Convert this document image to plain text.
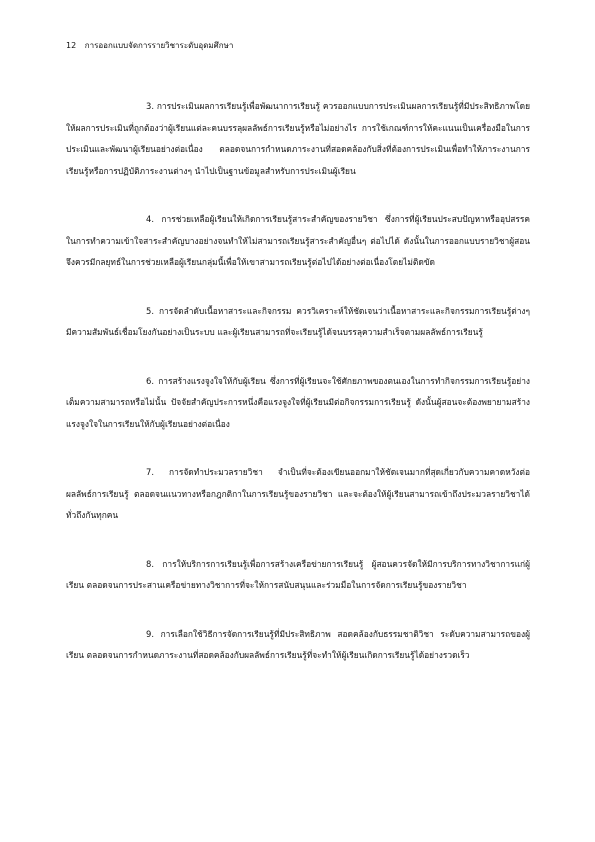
12 การออกแบบจัดการรายวิชาระดับอุดมศึกษา

3. การประเมินผลการเรียนรู้เพื่อพัฒนาการเรียนรู้ ควรออกแบบการประเมินผลการเรียนรู้ที่มีประสิทธิภาพโดยให้ผลการประเมินที่ถูกต้องว่าผู้เรียนแต่ละคนบรรลุผลลัพธ์การเรียนรู้หรือไม่อย่างไร การใช้เกณฑ์การให้คะแนนเป็นเครื่องมือในการประเมินและพัฒนาผู้เรียนอย่างต่อเนื่อง ตลอดจนการกำหนดภาระงานที่สอดคล้องกับสิ่งที่ต้องการประเมินเพื่อทำให้ภาระงานการเรียนรู้หรือการปฏิบัติภาระงานต่างๆ นำไปเป็นฐานข้อมูลสำหรับการประเมินผู้เรียน

4. การช่วยเหลือผู้เรียนให้เกิดการเรียนรู้สาระสำคัญของรายวิชา ซึ่งการที่ผู้เรียนประสบปัญหาหรืออุปสรรคในการทำความเข้าใจสาระสำคัญบางอย่างจนทำให้ไม่สามารถเรียนรู้สาระสำคัญอื่นๆ ต่อไปได้ ดังนั้นในการออกแบบรายวิชาผู้สอนจึงควรมีกลยุทธ์ในการช่วยเหลือผู้เรียนกลุ่มนี้เพื่อให้เขาสามารถเรียนรู้ต่อไปได้อย่างต่อเนื่องโดยไม่ติดขัด

5. การจัดลำดับเนื้อหาสาระและกิจกรรม ควรวิเคราะห์ให้ชัดเจนว่าเนื้อหาสาระและกิจกรรมการเรียนรู้ต่างๆ มีความสัมพันธ์เชื่อมโยงกันอย่างเป็นระบบ และผู้เรียนสามารถที่จะเรียนรู้ได้จนบรรลุความสำเร็จตามผลลัพธ์การเรียนรู้

6. การสร้างแรงจูงใจให้กับผู้เรียน ซึ่งการที่ผู้เรียนจะใช้ศักยภาพของตนเองในการทำกิจกรรมการเรียนรู้อย่างเต็มความสามารถหรือไม่นั้น ปัจจัยสำคัญประการหนึ่งคือแรงจูงใจที่ผู้เรียนมีต่อกิจกรรมการเรียนรู้ ดังนั้นผู้สอนจะต้องพยายามสร้างแรงจูงใจในการเรียนให้กับผู้เรียนอย่างต่อเนื่อง

7. การจัดทำประมวลรายวิชา จำเป็นที่จะต้องเขียนออกมาให้ชัดเจนมากที่สุดเกี่ยวกับความคาดหวังต่อผลลัพธ์การเรียนรู้ ตลอดจนแนวทางหรือกฎกติกาในการเรียนรู้ของรายวิชา และจะต้องให้ผู้เรียนสามารถเข้าถึงประมวลรายวิชาได้ทั่วถึงกันทุกคน

8. การให้บริการการเรียนรู้เพื่อการสร้างเครือข่ายการเรียนรู้ ผู้สอนควรจัดให้มีการบริการทางวิชาการแก่ผู้เรียน ตลอดจนการประสานเครือข่ายทางวิชาการที่จะให้การสนับสนุนและร่วมมือในการจัดการเรียนรู้ของรายวิชา

9. การเลือกใช้วิธีการจัดการเรียนรู้ที่มีประสิทธิภาพ สอดคล้องกับธรรมชาติวิชา ระดับความสามารถของผู้เรียน ตลอดจนการกำหนดภาระงานที่สอดคล้องกับผลลัพธ์การเรียนรู้ที่จะทำให้ผู้เรียนเกิดการเรียนรู้ได้อย่างรวดเร็ว
